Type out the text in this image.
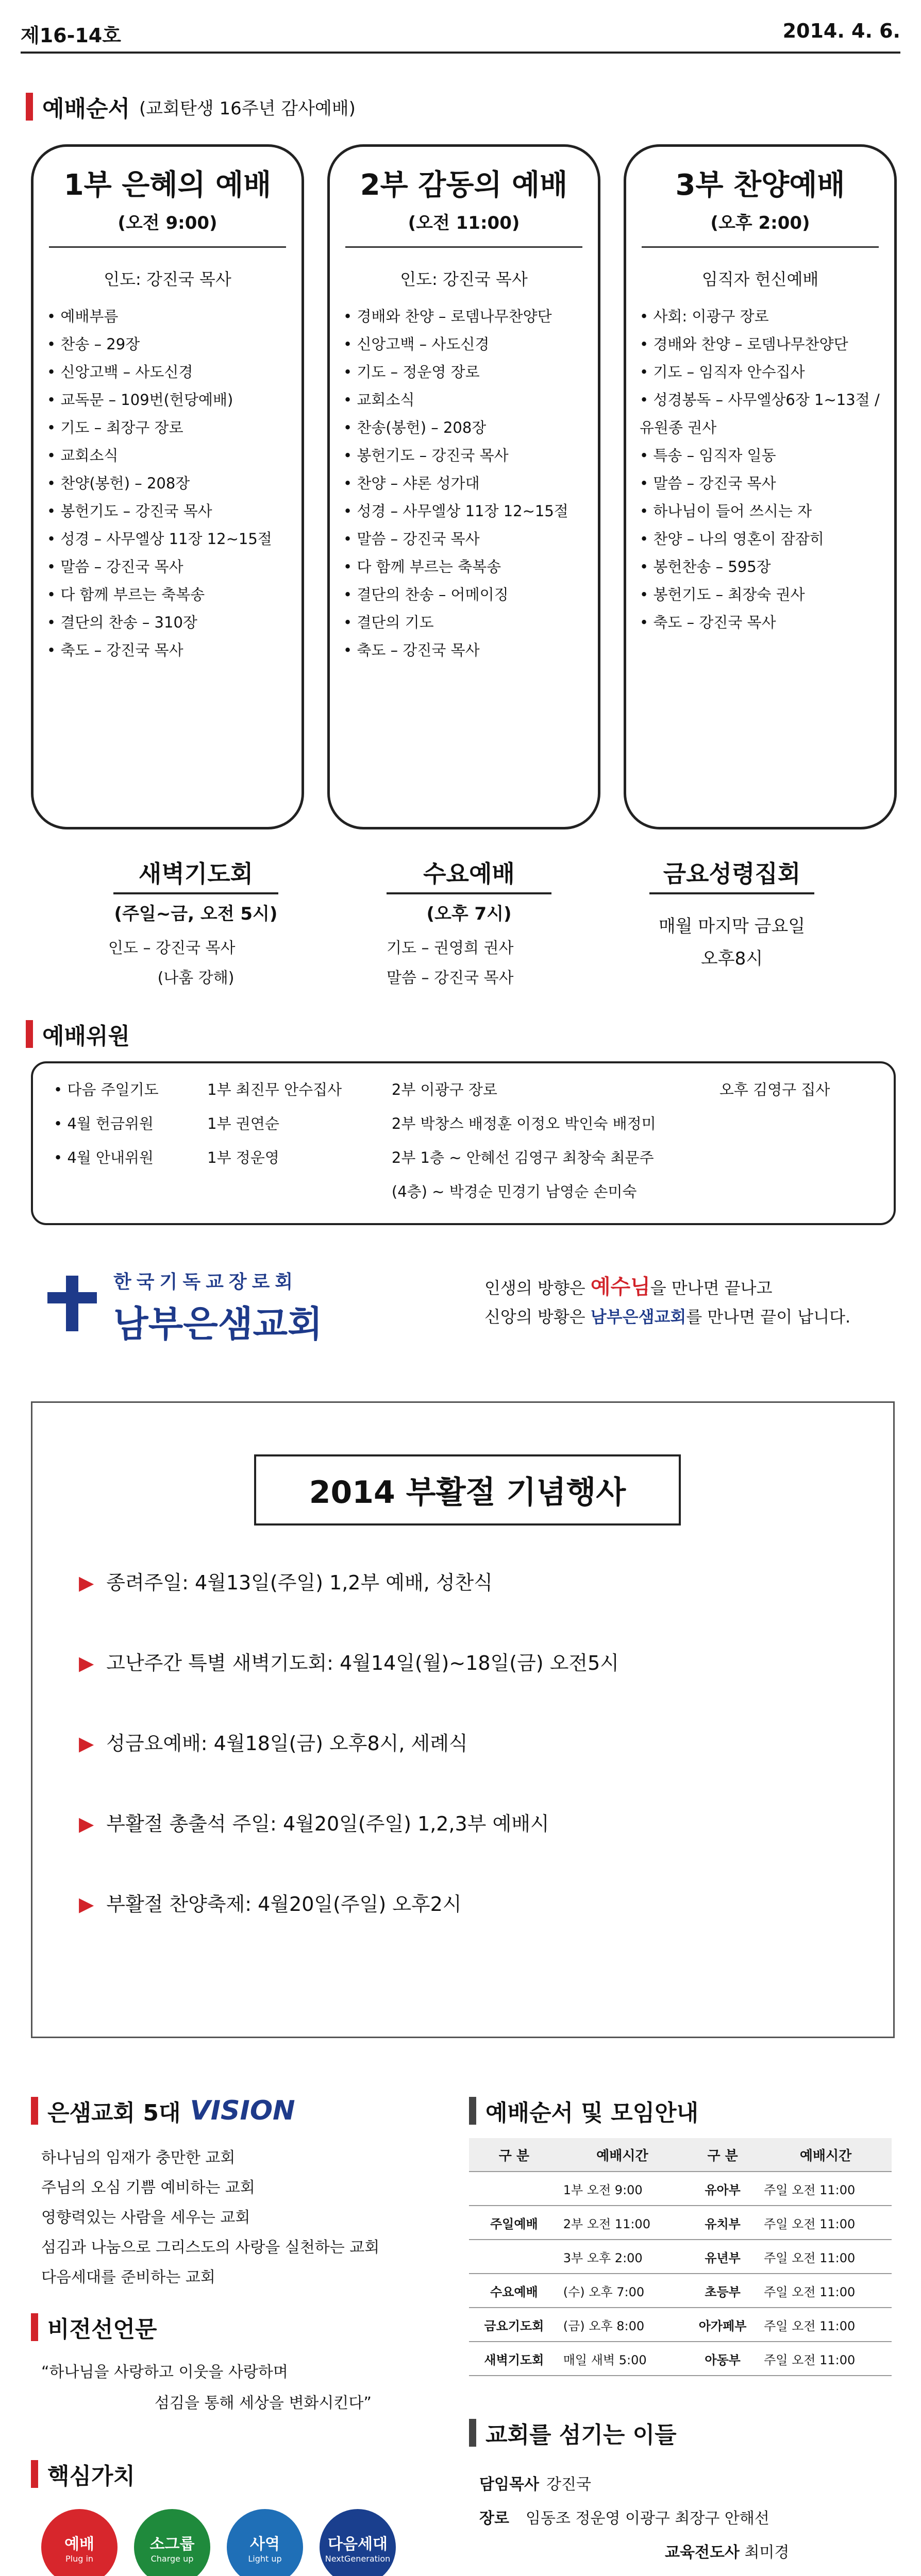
제16-14호	2014. 4. 6.
예배순서 (교회탄생 16주년 감사예배)
1부 은혜의 예배
(오전 9:00)
인도: 강진국 목사
• 예배부름
• 찬송 – 29장
• 신앙고백 – 사도신경
• 교독문 – 109번(헌당예배)
• 기도 – 최장구 장로
• 교회소식
• 찬양(봉헌) – 208장
• 봉헌기도 – 강진국 목사
• 성경 – 사무엘상 11장 12~15절
• 말씀 – 강진국 목사
• 다 함께 부르는 축복송
• 결단의 찬송 – 310장
• 축도 – 강진국 목사
2부 감동의 예배
(오전 11:00)
인도: 강진국 목사
• 경배와 찬양 – 로뎀나무찬양단
• 신앙고백 – 사도신경
• 기도 – 정운영 장로
• 교회소식
• 찬송(봉헌) – 208장
• 봉헌기도 – 강진국 목사
• 찬양 – 샤론 성가대
• 성경 – 사무엘상 11장 12~15절
• 말씀 – 강진국 목사
• 다 함께 부르는 축복송
• 결단의 찬송 – 어메이징
• 결단의 기도
• 축도 – 강진국 목사
3부 찬양예배
(오후 2:00)
임직자 헌신예배
• 사회: 이광구 장로
• 경배와 찬양 – 로뎀나무찬양단
• 기도 – 임직자 안수집사
• 성경봉독 – 사무엘상6장 1~13절 / 유원종 권사
• 특송 – 임직자 일동
• 말씀 – 강진국 목사
• 하나님이 들어 쓰시는 자
• 찬양 – 나의 영혼이 잠잠히
• 봉헌찬송 – 595장
• 봉헌기도 – 최장숙 권사
• 축도 – 강진국 목사
새벽기도회
(주일~금, 오전 5시)
인도 – 강진국 목사
(나훔 강해)
수요예배
(오후 7시)
기도 – 권영희 권사
말씀 – 강진국 목사
금요성령집회
매월 마지막 금요일
오후8시
예배위원
• 다음 주일기도	1부 최진무 안수집사	2부 이광구 장로	오후 김영구 집사
• 4월 헌금위원	1부 권연순	2부 박창스 배정훈 이정오 박인숙 배정미
• 4월 안내위원	1부 정운영	2부 1층 ~ 안혜선 김영구 최창숙 최문주
(4층) ~ 박경순 민경기 남영순 손미숙
한국기독교장로회
남부은샘교회
인생의 방향은 예수님을 만나면 끝나고
신앙의 방황은 남부은샘교회를 만나면 끝이 납니다.
2014 부활절 기념행사
▶ 종려주일: 4월13일(주일) 1,2부 예배, 성찬식
▶ 고난주간 특별 새벽기도회: 4월14일(월)~18일(금) 오전5시
▶ 성금요예배: 4월18일(금) 오후8시, 세례식
▶ 부활절 총출석 주일: 4월20일(주일) 1,2,3부 예배시
▶ 부활절 찬양축제: 4월20일(주일) 오후2시
은샘교회 5대 VISION
하나님의 임재가 충만한 교회
주님의 오심 기쁨 예비하는 교회
영향력있는 사람을 세우는 교회
섬김과 나눔으로 그리스도의 사랑을 실천하는 교회
다음세대를 준비하는 교회
비전선언문
“하나님을 사랑하고 이웃을 사랑하며
섬김을 통해 세상을 변화시킨다”
핵심가치
예배
Plug in
소그룹
Charge up
사역
Light up
다음세대
NextGeneration
예배순서 및 모임안내
구 분	예배시간	구 분	예배시간
	1부 오전 9:00	유아부	주일 오전 11:00
주일예배	2부 오전 11:00	유치부	주일 오전 11:00
	3부 오후 2:00	유년부	주일 오전 11:00
수요예배	(수) 오후 7:00	초등부	주일 오전 11:00
금요기도회	(금) 오후 8:00	아가페부	주일 오전 11:00
새벽기도회	매일 새벽 5:00	아동부	주일 오전 11:00
교회를 섬기는 이들
담임목사 강진국
장로 임동조 정운영 이광구 최장구 안해선
교육전도사 최미경
